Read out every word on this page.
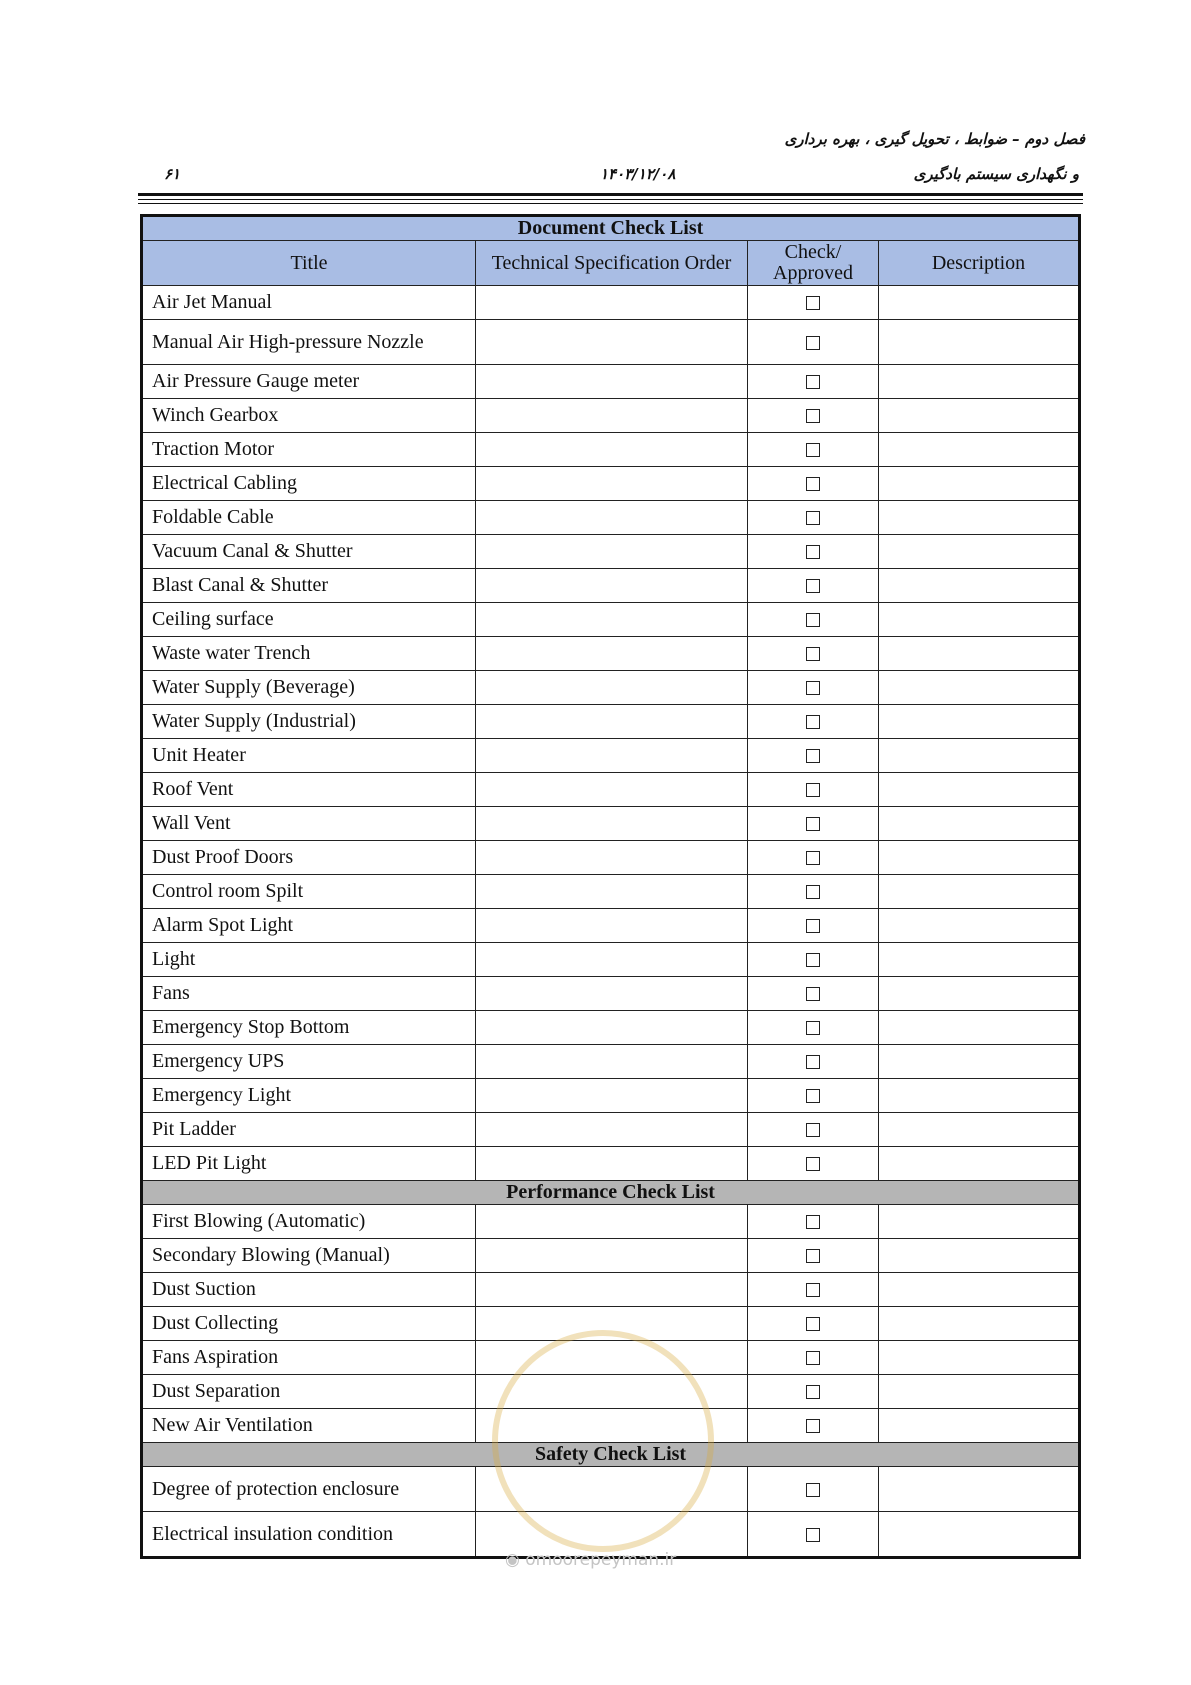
فصل دوم – ضوابط ، تحویل گیری ، بهره برداری
و نگهداری سیستم بادگیری
۱۴۰۳/۱۲/۰۸
۶۱
Document Check List			
Title	Technical Specification Order	Check/ Approved	Description
Air Jet Manual			
Manual Air High-pressure Nozzle			
Air Pressure Gauge meter			
Winch Gearbox			
Traction Motor			
Electrical Cabling			
Foldable Cable			
Vacuum Canal & Shutter			
Blast Canal & Shutter			
Ceiling surface			
Waste water Trench			
Water Supply (Beverage)			
Water Supply (Industrial)			
Unit Heater			
Roof Vent			
Wall Vent			
Dust Proof Doors			
Control room Spilt			
Alarm Spot Light			
Light			
Fans			
Emergency Stop Bottom			
Emergency UPS			
Emergency Light			
Pit Ladder			
LED Pit Light			
Performance Check List			
First Blowing (Automatic)			
Secondary Blowing (Manual)			
Dust Suction			
Dust Collecting			
Fans Aspiration			
Dust Separation			
New Air Ventilation			
Safety Check List			
Degree of protection enclosure			
Electrical insulation condition			
◉ omoorepeyman.ir
